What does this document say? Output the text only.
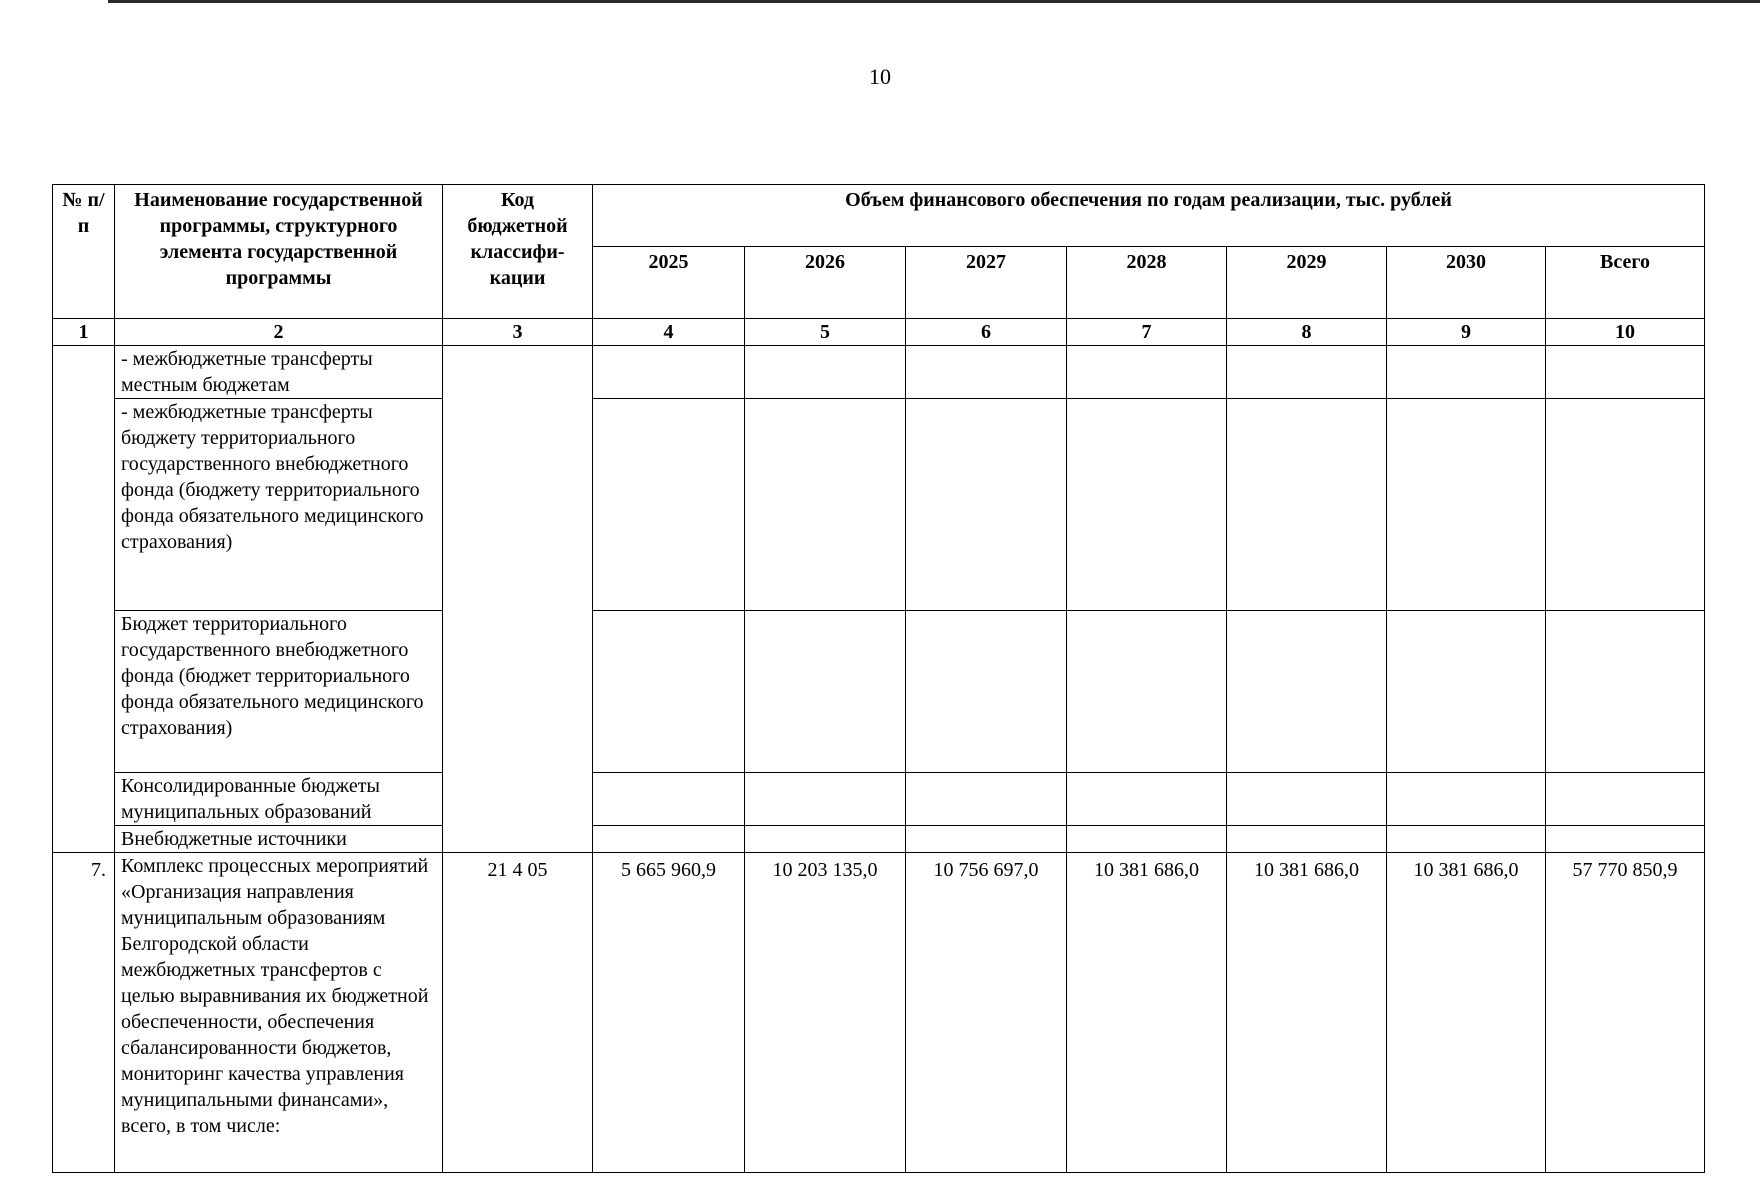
10
№ п/п	Наименование государственной программы, структурного элемента государственной программы	Код бюджетной классифи-кации	Объем финансового обеспечения по годам реализации, тыс. рублей						
			2025	2026	2027	2028	2029	2030	Всего
1	2	3	4	5	6	7	8	9	10
	- межбюджетные трансферты местным бюджетам								
	- межбюджетные трансферты бюджету территориального государственного внебюджетного фонда (бюджету территориального фонда обязательного медицинского страхования)								
	Бюджет территориального государственного внебюджетного фонда (бюджет территориального фонда обязательного медицинского страхования)								
	Консолидированные бюджеты муниципальных образований								
	Внебюджетные источники								
7.	Комплекс процессных мероприятий «Организация направления муниципальным образованиям Белгородской области межбюджетных трансфертов с целью выравнивания их бюджетной обеспеченности, обеспечения сбалансированности бюджетов, мониторинг качества управления муниципальными финансами», всего, в том числе:	21 4 05	5 665 960,9	10 203 135,0	10 756 697,0	10 381 686,0	10 381 686,0	10 381 686,0	57 770 850,9
